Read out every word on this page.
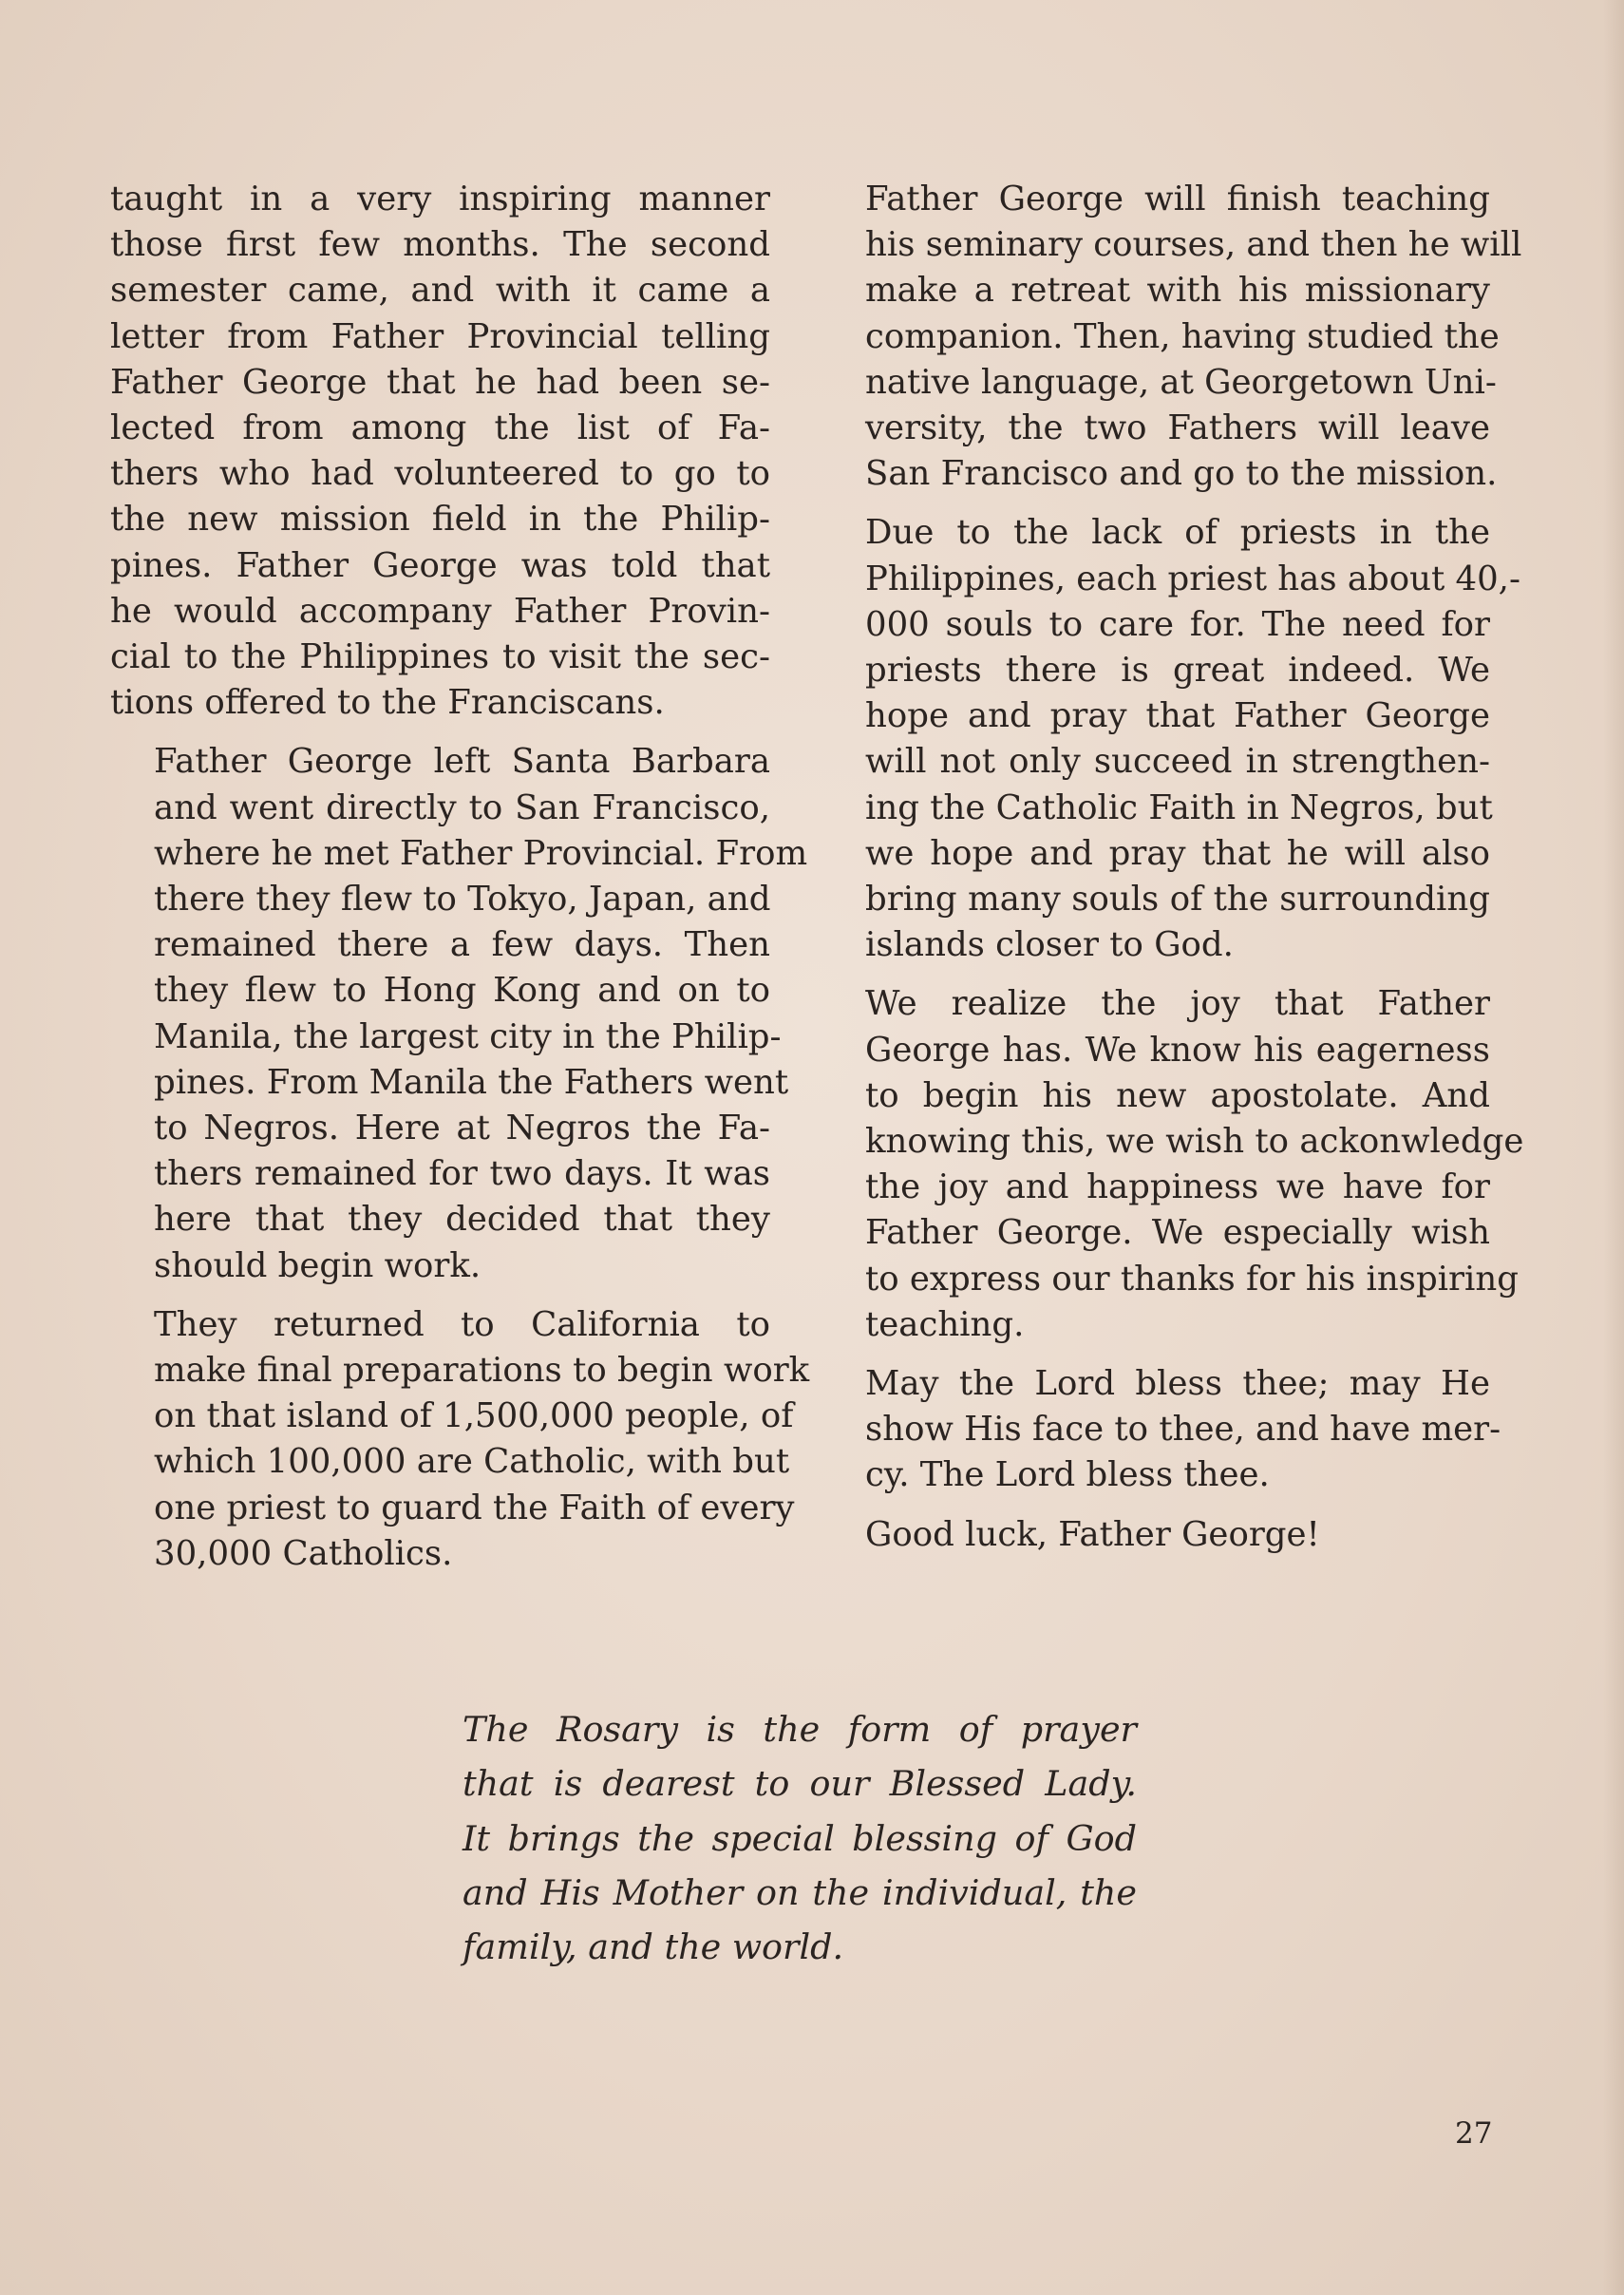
taught in a very inspiring manner
those first few months. The second
semester came, and with it came a
letter from Father Provincial telling
Father George that he had been se-
lected from among the list of Fa-
thers who had volunteered to go to
the new mission field in the Philip-
pines. Father George was told that
he would accompany Father Provin-
cial to the Philippines to visit the sec-
tions offered to the Franciscans.

Father George left Santa Barbara
and went directly to San Francisco,
where he met Father Provincial. From
there they flew to Tokyo, Japan, and
remained there a few days. Then
they flew to Hong Kong and on to
Manila, the largest city in the Philip-
pines. From Manila the Fathers went
to Negros. Here at Negros the Fa-
thers remained for two days. It was
here that they decided that they
should begin work.

They returned to California to
make final preparations to begin work
on that island of 1,500,000 people, of
which 100,000 are Catholic, with but
one priest to guard the Faith of every
30,000 Catholics.

Father George will finish teaching
his seminary courses, and then he will
make a retreat with his missionary
companion. Then, having studied the
native language, at Georgetown Uni-
versity, the two Fathers will leave
San Francisco and go to the mission.

Due to the lack of priests in the
Philippines, each priest has about 40,-
000 souls to care for. The need for
priests there is great indeed. We
hope and pray that Father George
will not only succeed in strengthen-
ing the Catholic Faith in Negros, but
we hope and pray that he will also
bring many souls of the surrounding
islands closer to God.

We realize the joy that Father
George has. We know his eagerness
to begin his new apostolate. And
knowing this, we wish to ackonwledge
the joy and happiness we have for
Father George. We especially wish
to express our thanks for his inspiring
teaching.

May the Lord bless thee; may He
show His face to thee, and have mer-
cy. The Lord bless thee.

Good luck, Father George!

The Rosary is the form of prayer
that is dearest to our Blessed Lady.
It brings the special blessing of God
and His Mother on the individual, the
family, and the world.
27
